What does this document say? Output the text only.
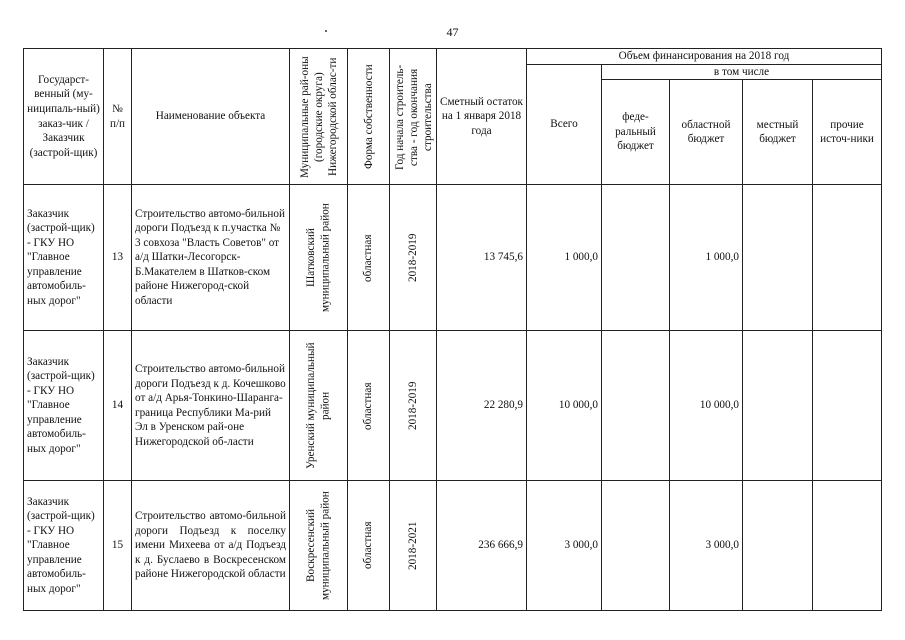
47
Государст-венный (му-ниципаль-ный) заказ-чик / Заказчик (застрой-щик)	№ п/п	Наименование объекта	Муниципальные рай-оны (городские округа) Нижегородской облас-ти	Форма собственности	Год начала строитель-ства - год окончания строительства	Сметный остаток на 1 января 2018 года	Объем финансирования на 2018 год				
							Всего	в том числе			
								феде-ральный бюджет	областной бюджет	местный бюджет	прочие источ-ники
Заказчик (застрой-щик) - ГКУ НО "Главное управление автомобиль-ных дорог"	13	Строительство автомо-бильной дороги Подъезд к п.участка № 3 совхоза "Власть Советов" от а/д Шатки-Лесогорск-Б.Макателем в Шатков-ском районе Нижегород-ской области	Шатковский муниципальный район	областная	2018-2019	13 745,6	1 000,0		1 000,0		
Заказчик (застрой-щик) - ГКУ НО "Главное управление автомобиль-ных дорог"	14	Строительство автомо-бильной дороги Подъезд к д. Кочешково от а/д Арья-Тонкино-Шаранга-граница Республики Ма-рий Эл в Уренском рай-оне Нижегородской об-ласти	Уренский муниципальный район	областная	2018-2019	22 280,9	10 000,0		10 000,0		
Заказчик (застрой-щик) - ГКУ НО "Главное управление автомобиль-ных дорог"	15	Строительство автомо-бильной дороги Подъезд к поселку имени Михеева от а/д Подъезд к д. Буслаево в Воскресенском районе Нижегородской области	Воскресенский муниципальный район	областная	2018-2021	236 666,9	3 000,0		3 000,0		
